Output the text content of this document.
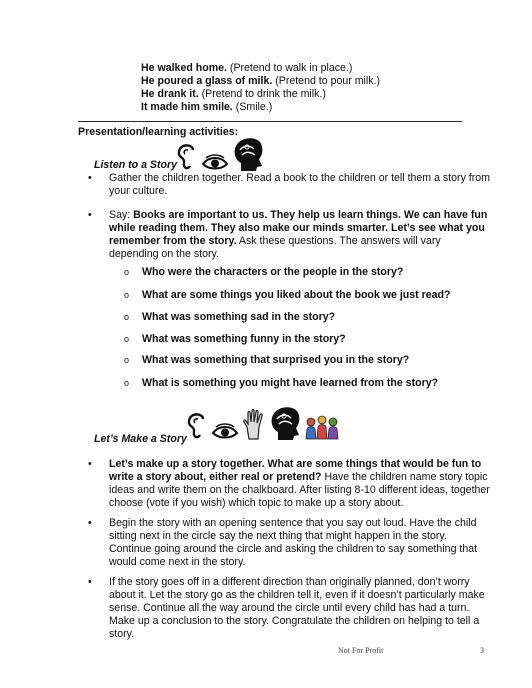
He walked home. (Pretend to walk in place.)
He poured a glass of milk. (Pretend to pour milk.)
He drank it. (Pretend to drink the milk.)
It made him smile. (Smile.)
Presentation/learning activities:
Listen to a Story
• Gather the children together. Read a book to the children or tell them a story from your culture.
• Say: Books are important to us. They help us learn things. We can have fun while reading them. They also make our minds smarter. Let’s see what you remember from the story. Ask these questions. The answers will vary depending on the story.
o Who were the characters or the people in the story?
o What are some things you liked about the book we just read?
o What was something sad in the story?
o What was something funny in the story?
o What was something that surprised you in the story?
o What is something you might have learned from the story?
Let’s Make a Story
• Let’s make up a story together. What are some things that would be fun to write a story about, either real or pretend? Have the children name story topic ideas and write them on the chalkboard. After listing 8-10 different ideas, together choose (vote if you wish) which topic to make up a story about.
• Begin the story with an opening sentence that you say out loud. Have the child sitting next in the circle say the next thing that might happen in the story. Continue going around the circle and asking the children to say something that would come next in the story.
• If the story goes off in a different direction than originally planned, don’t worry about it. Let the story go as the children tell it, even if it doesn’t particularly make sense. Continue all the way around the circle until every child has had a turn. Make up a conclusion to the story. Congratulate the children on helping to tell a story.
Not For Profit	3
